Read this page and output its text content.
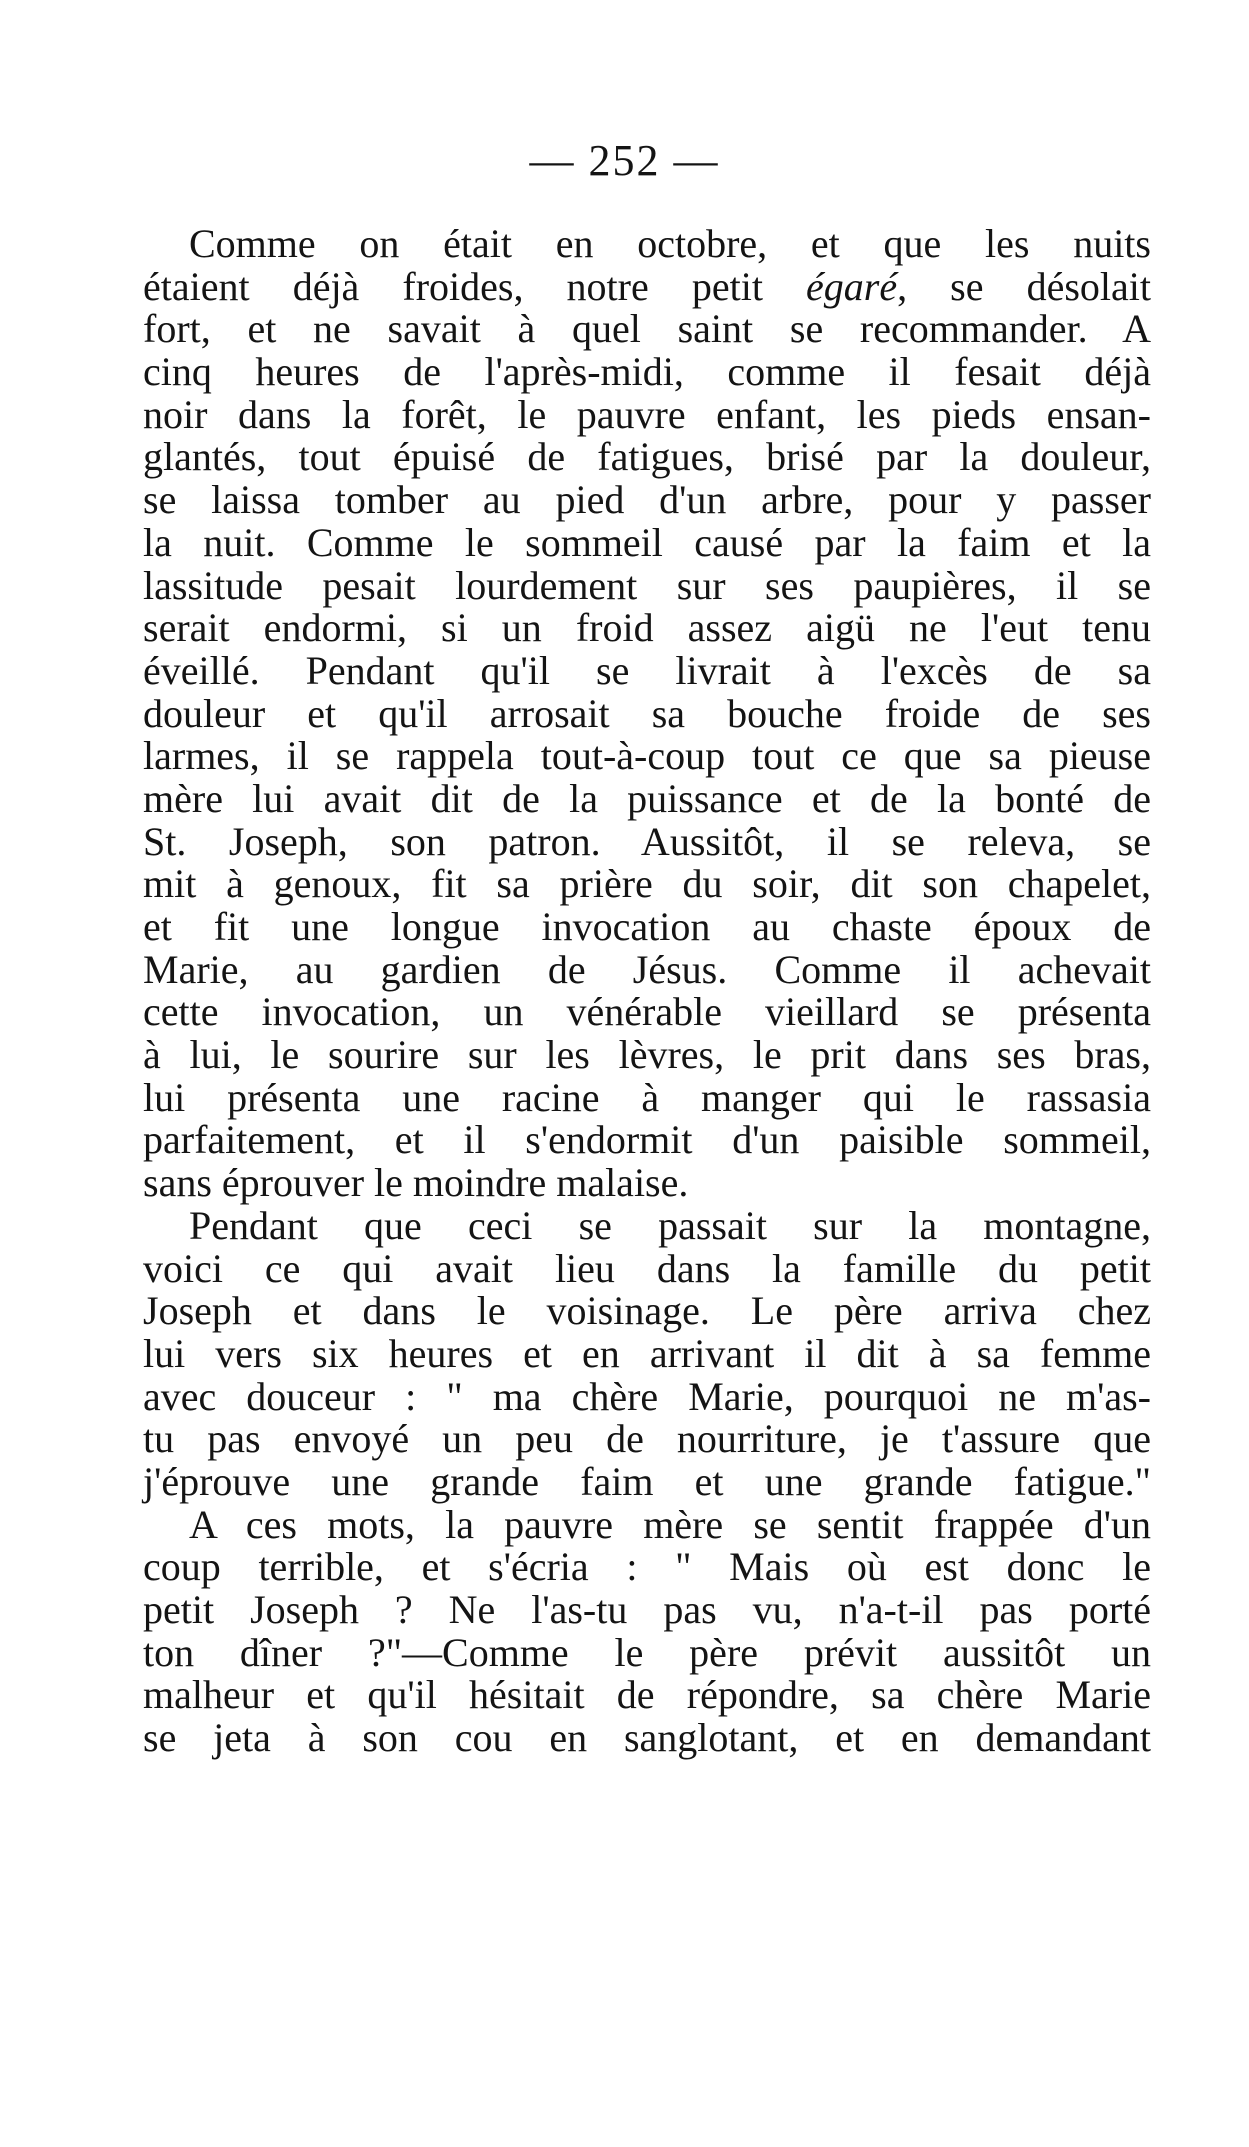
— 252 —
Comme on était en octobre, et que les nuits
étaient déjà froides, notre petit égaré, se désolait
fort, et ne savait à quel saint se recommander. A
cinq heures de l'après-midi, comme il fesait déjà
noir dans la forêt, le pauvre enfant, les pieds ensan-
glantés, tout épuisé de fatigues, brisé par la douleur,
se laissa tomber au pied d'un arbre, pour y passer
la nuit. Comme le sommeil causé par la faim et la
lassitude pesait lourdement sur ses paupières, il se
serait endormi, si un froid assez aigü ne l'eut tenu
éveillé. Pendant qu'il se livrait à l'excès de sa
douleur et qu'il arrosait sa bouche froide de ses
larmes, il se rappela tout-à-coup tout ce que sa pieuse
mère lui avait dit de la puissance et de la bonté de
St. Joseph, son patron. Aussitôt, il se releva, se
mit à genoux, fit sa prière du soir, dit son chapelet,
et fit une longue invocation au chaste époux de
Marie, au gardien de Jésus. Comme il achevait
cette invocation, un vénérable vieillard se présenta
à lui, le sourire sur les lèvres, le prit dans ses bras,
lui présenta une racine à manger qui le rassasia
parfaitement, et il s'endormit d'un paisible sommeil,
sans éprouver le moindre malaise.
Pendant que ceci se passait sur la montagne,
voici ce qui avait lieu dans la famille du petit
Joseph et dans le voisinage. Le père arriva chez
lui vers six heures et en arrivant il dit à sa femme
avec douceur : " ma chère Marie, pourquoi ne m'as-
tu pas envoyé un peu de nourriture, je t'assure que
j'éprouve une grande faim et une grande fatigue."
A ces mots, la pauvre mère se sentit frappée d'un
coup terrible, et s'écria : " Mais où est donc le
petit Joseph ? Ne l'as-tu pas vu, n'a-t-il pas porté
ton dîner ?"—Comme le père prévit aussitôt un
malheur et qu'il hésitait de répondre, sa chère Marie
se jeta à son cou en sanglotant, et en demandant
